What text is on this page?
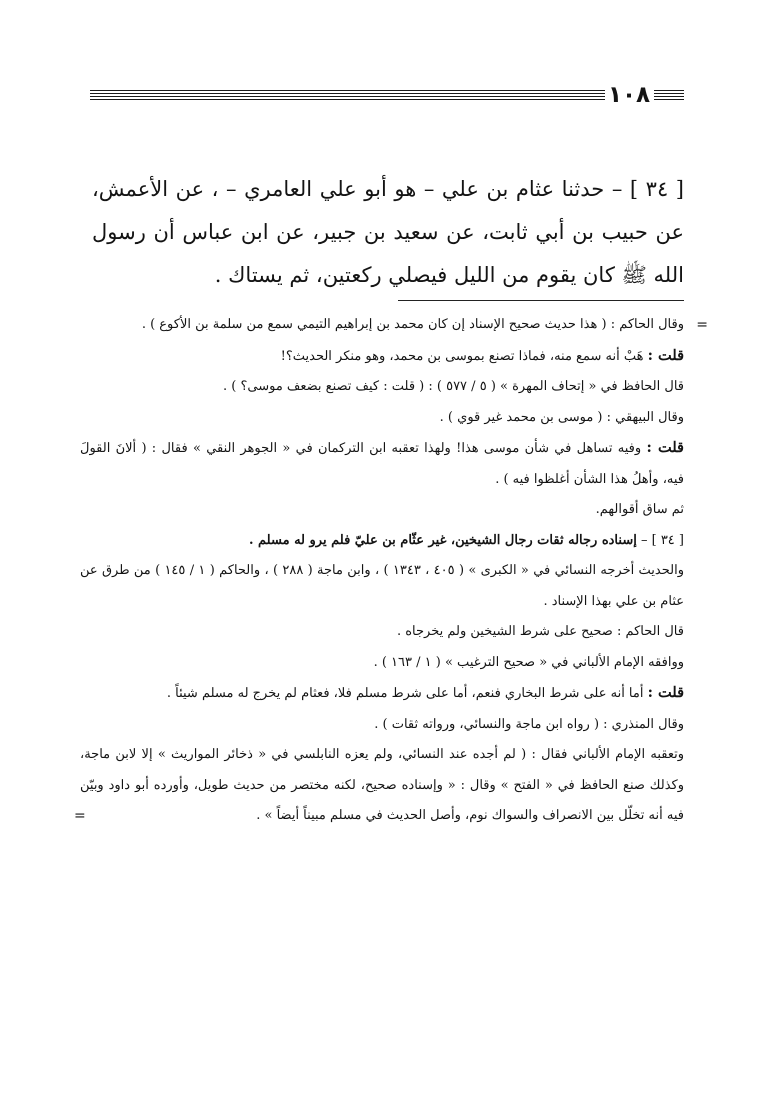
١٠٨

[ ٣٤ ] – حدثنا عثام بن علي – هو أبو علي العامري – ، عن الأعمش، عن حبيب بن أبي ثابت، عن سعيد بن جبير، عن ابن عباس أن رسول الله ﷺ كان يقوم من الليل فيصلي ركعتين، ثم يستاك .

=
وقال الحاكم : ( هذا حديث صحيح الإسناد إن كان محمد بن إبراهيم التيمي سمع من سلمة بن الأكوع ) .

قلت : هَبْ أنه سمع منه، فماذا تصنع بموسى بن محمد، وهو منكر الحديث؟!

قال الحافظ في « إتحاف المهرة » ( ٥ / ٥٧٧ ) : ( قلت : كيف تصنع بضعف موسى؟ ) .

وقال البيهقي : ( موسى بن محمد غير قوي ) .

قلت : وفيه تساهل في شأن موسى هذا! ولهذا تعقبه ابن التركمان في « الجوهر النقي » فقال : ( ألانَ القولَ فيه، وأهلُ هذا الشأن أغلظوا فيه ) .

ثم ساق أقوالهم.

[ ٣٤ ] – إسناده رجاله ثقات رجال الشيخين، غير عثّام بن عليّ فلم يرو له مسلم .

والحديث أخرجه النسائي في « الكبرى » ( ٤٠٥ ، ١٣٤٣ ) ، وابن ماجة ( ٢٨٨ ) ، والحاكم ( ١ / ١٤٥ ) من طرق عن عثام بن علي بهذا الإسناد .

قال الحاكم : صحيح على شرط الشيخين ولم يخرجاه .

ووافقه الإمام الألباني في « صحيح الترغيب » ( ١ / ١٦٣ ) .

قلت : أما أنه على شرط البخاري فنعم، أما على شرط مسلم فلا، فعثام لم يخرج له مسلم شيئاً .

وقال المنذري : ( رواه ابن ماجة والنسائي، ورواته ثقات ) .

وتعقبه الإمام الألباني فقال : ( لم أجده عند النسائي، ولم يعزه النابلسي في « ذخائر المواريث » إلا لابن ماجة، وكذلك صنع الحافظ في « الفتح » وقال : « وإسناده صحيح، لكنه مختصر من حديث طويل، وأورده أبو داود وبيّن فيه أنه تخلّل بين الانصراف والسواك نوم، وأصل الحديث في مسلم مبيناً أيضاً » .
=
